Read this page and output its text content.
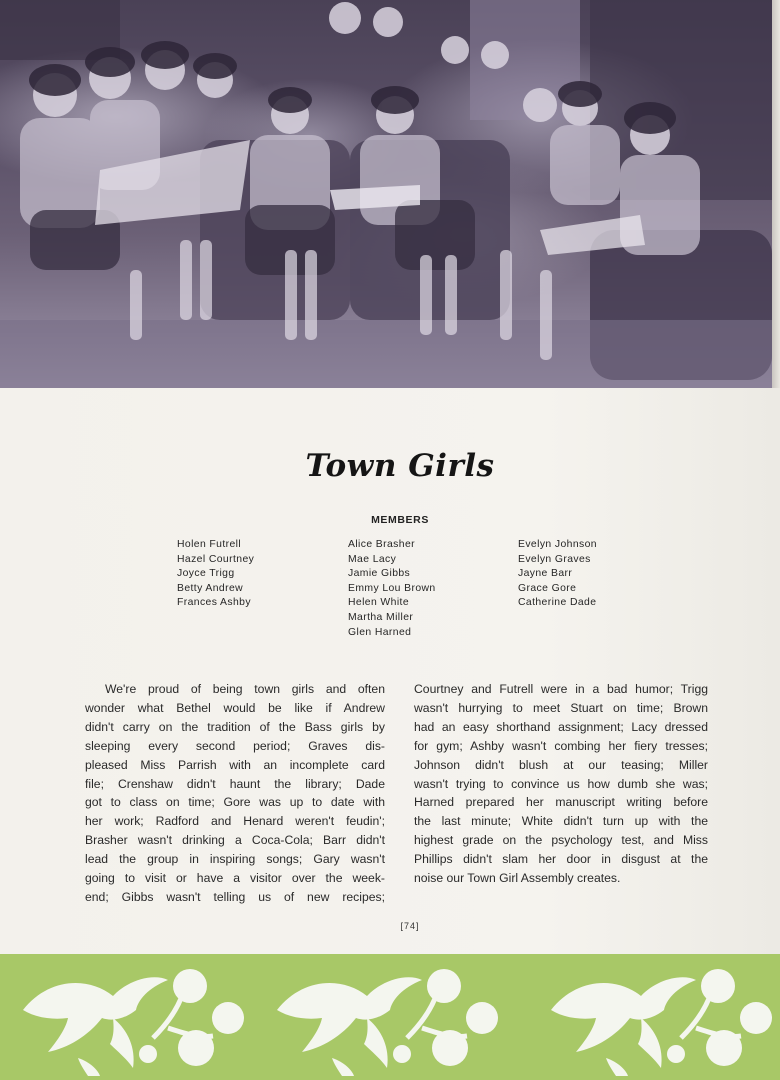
Town Girls
MEMBERS
Holen Futrell
Hazel Courtney
Joyce Trigg
Betty Andrew
Frances Ashby
Alice Brasher
Mae Lacy
Jamie Gibbs
Emmy Lou Brown
Helen White
Martha Miller
Glen Harned
Evelyn Johnson
Evelyn Graves
Jayne Barr
Grace Gore
Catherine Dade
We're proud of being town girls and often
wonder what Bethel would be like if Andrew
didn't carry on the tradition of the Bass girls by
sleeping every second period; Graves dis-
pleased Miss Parrish with an incomplete card
file; Crenshaw didn't haunt the library; Dade
got to class on time; Gore was up to date with
her work; Radford and Henard weren't feudin';
Brasher wasn't drinking a Coca-Cola; Barr didn't
lead the group in inspiring songs; Gary wasn't
going to visit or have a visitor over the week-
end; Gibbs wasn't telling us of new recipes;
Courtney and Futrell were in a bad humor; Trigg
wasn't hurrying to meet Stuart on time; Brown
had an easy shorthand assignment; Lacy dressed
for gym; Ashby wasn't combing her fiery tresses;
Johnson didn't blush at our teasing; Miller
wasn't trying to convince us how dumb she was;
Harned prepared her manuscript writing before
the last minute; White didn't turn up with the
highest grade on the psychology test, and Miss
Phillips didn't slam her door in disgust at the
noise our Town Girl Assembly creates.
[74]
